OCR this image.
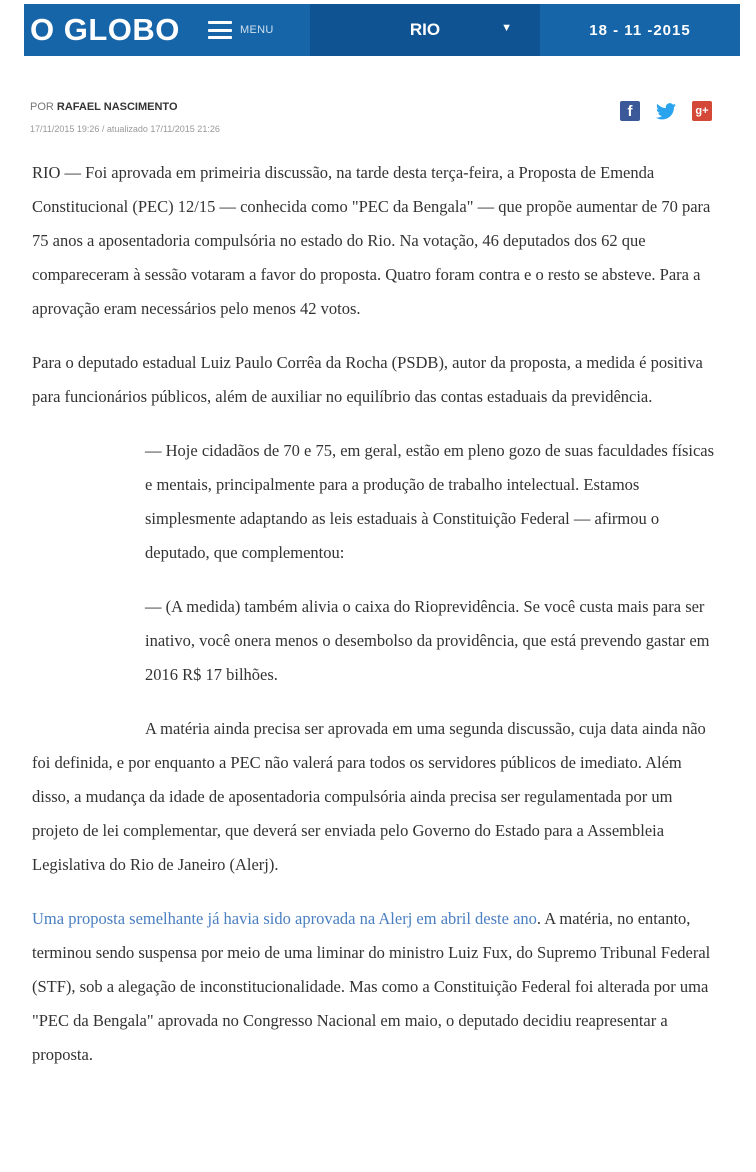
O GLOBO	MENU	RIO	▼	18 - 11 -2015
POR RAFAEL NASCIMENTO
17/11/2015 19:26 / atualizado 17/11/2015 21:26
f	g+

RIO — Foi aprovada em primeiria discussão, na tarde desta terça-feira, a Proposta de Emenda Constitucional (PEC) 12/15 — conhecida como "PEC da Bengala" — que propõe aumentar de 70 para 75 anos a aposentadoria compulsória no estado do Rio. Na votação, 46 deputados dos 62 que compareceram à sessão votaram a favor do proposta. Quatro foram contra e o resto se absteve. Para a aprovação eram necessários pelo menos 42 votos.

Para o deputado estadual Luiz Paulo Corrêa da Rocha (PSDB), autor da proposta, a medida é positiva para funcionários públicos, além de auxiliar no equilíbrio das contas estaduais da previdência.

— Hoje cidadãos de 70 e 75, em geral, estão em pleno gozo de suas faculdades físicas e mentais, principalmente para a produção de trabalho intelectual. Estamos simplesmente adaptando as leis estaduais à Constituição Federal — afirmou o deputado, que complementou:

— (A medida) também alivia o caixa do Rioprevidência. Se você custa mais para ser inativo, você onera menos o desembolso da providência, que está prevendo gastar em 2016 R$ 17 bilhões.

A matéria ainda precisa ser aprovada em uma segunda discussão, cuja data ainda não foi definida, e por enquanto a PEC não valerá para todos os servidores públicos de imediato. Além disso, a mudança da idade de aposentadoria compulsória ainda precisa ser regulamentada por um projeto de lei complementar, que deverá ser enviada pelo Governo do Estado para a Assembleia Legislativa do Rio de Janeiro (Alerj).

Uma proposta semelhante já havia sido aprovada na Alerj em abril deste ano. A matéria, no entanto, terminou sendo suspensa por meio de uma liminar do ministro Luiz Fux, do Supremo Tribunal Federal (STF), sob a alegação de inconstitucionalidade. Mas como a Constituição Federal foi alterada por uma "PEC da Bengala" aprovada no Congresso Nacional em maio, o deputado decidiu reapresentar a proposta.
